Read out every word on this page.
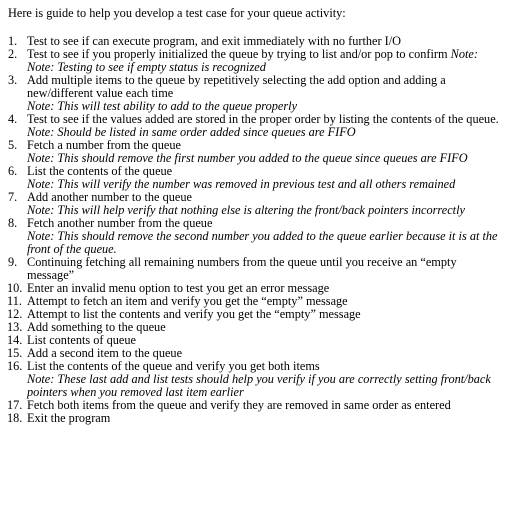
Here is guide to help you develop a test case for your queue activity:
1. Test to see if can execute program, and exit immediately with no further I/O
2. Test to see if you properly initialized the queue by trying to list and/or pop to confirm Note:
Note: Testing to see if empty status is recognized
3. Add multiple items to the queue by repetitively selecting the add option and adding a new/different value each time
Note: This will test ability to add to the queue properly
4. Test to see if the values added are stored in the proper order by listing the contents of the queue.
Note: Should be listed in same order added since queues are FIFO
5. Fetch a number from the queue
Note: This should remove the first number you added to the queue since queues are FIFO
6. List the contents of the queue
Note: This will verify the number was removed in previous test and all others remained
7. Add another number to the queue
Note: This will help verify that nothing else is altering the front/back pointers incorrectly
8. Fetch another number from the queue
Note: This should remove the second number you added to the queue earlier because it is at the front of the queue.
9. Continuing fetching all remaining numbers from the queue until you receive an “empty message”
10. Enter an invalid menu option to test you get an error message
11. Attempt to fetch an item and verify you get the “empty” message
12. Attempt to list the contents and verify you get the “empty” message
13. Add something to the queue
14. List contents of queue
15. Add a second item to the queue
16. List the contents of the queue and verify you get both items
Note: These last add and list tests should help you verify if you are correctly setting front/back pointers when you removed last item earlier
17. Fetch both items from the queue and verify they are removed in same order as entered
18. Exit the program
